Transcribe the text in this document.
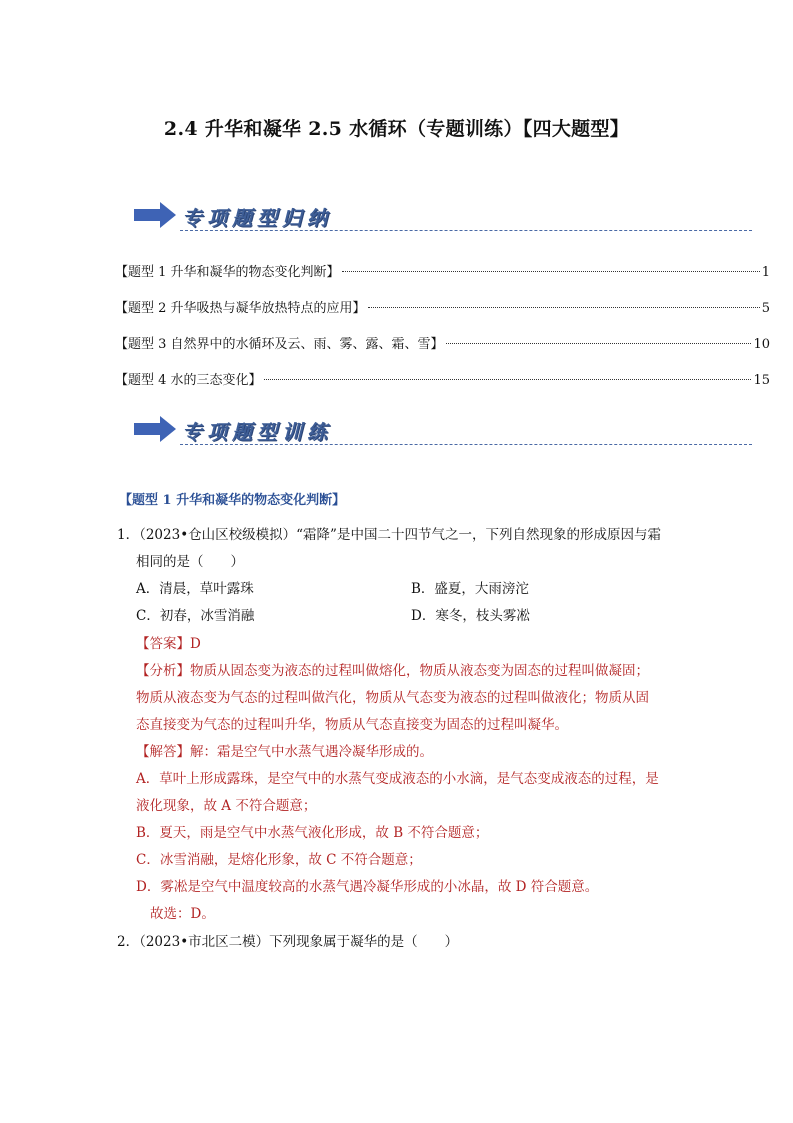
2.4 升华和凝华 2.5 水循环（专题训练）【四大题型】
专项题型归纳
【题型 1 升华和凝华的物态变化判断】	1
【题型 2 升华吸热与凝华放热特点的应用】	5
【题型 3 自然界中的水循环及云、雨、雾、露、霜、雪】	10
【题型 4 水的三态变化】	15
专项题型训练
【题型 1 升华和凝华的物态变化判断】
1．（2023•仓山区校级模拟）“霜降”是中国二十四节气之一，下列自然现象的形成原因与霜
相同的是（　　）
A．清晨，草叶露珠	B．盛夏，大雨滂沱
C．初春，冰雪消融	D．寒冬，枝头雾凇
【答案】D
【分析】物质从固态变为液态的过程叫做熔化，物质从液态变为固态的过程叫做凝固；
物质从液态变为气态的过程叫做汽化，物质从气态变为液态的过程叫做液化；物质从固
态直接变为气态的过程叫升华，物质从气态直接变为固态的过程叫凝华。
【解答】解：霜是空气中水蒸气遇冷凝华形成的。
A．草叶上形成露珠，是空气中的水蒸气变成液态的小水滴，是气态变成液态的过程，是
液化现象，故 A 不符合题意；
B．夏天，雨是空气中水蒸气液化形成，故 B 不符合题意；
C．冰雪消融，是熔化形象，故 C 不符合题意；
D．雾凇是空气中温度较高的水蒸气遇冷凝华形成的小冰晶，故 D 符合题意。
故选：D。
2．（2023•市北区二模）下列现象属于凝华的是（　　）
